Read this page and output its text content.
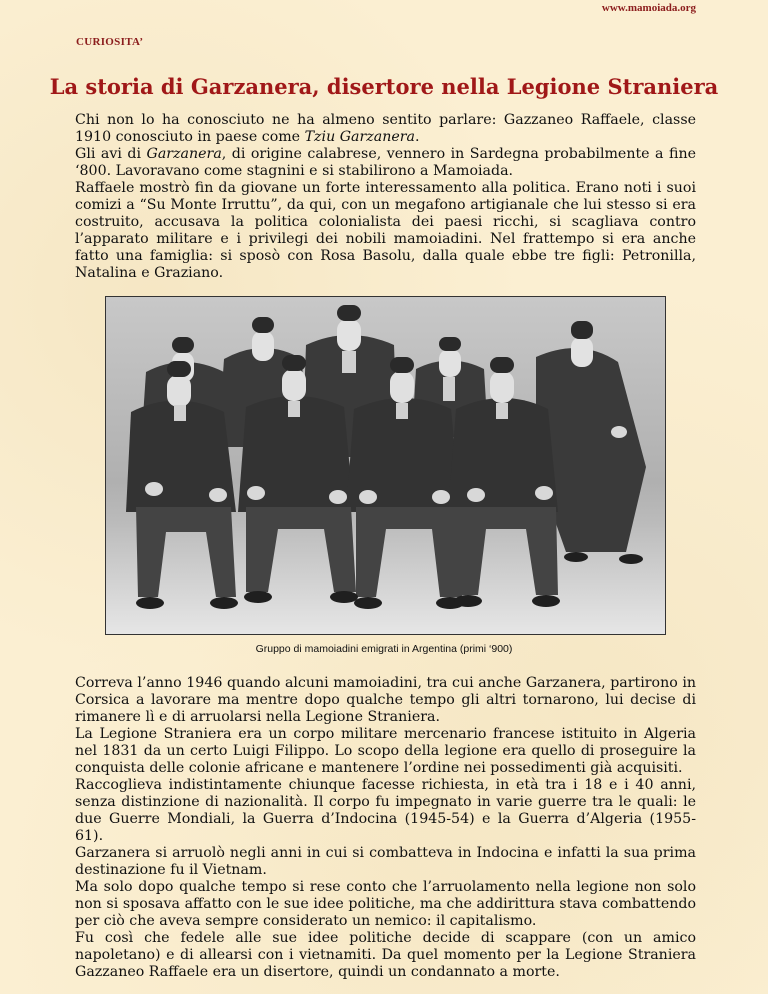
www.mamoiada.org
CURIOSITA’
La storia di Garzanera, disertore nella Legione Straniera

Chi non lo ha conosciuto ne ha almeno sentito parlare: Gazzaneo Raffaele, classe 1910 conosciuto in paese come Tziu Garzanera.

Gli avi di Garzanera, di origine calabrese, vennero in Sardegna probabilmente a fine ‘800. Lavoravano come stagnini e si stabilirono a Mamoiada.

Raffaele mostrò fin da giovane un forte interessamento alla politica. Erano noti i suoi comizi a “Su Monte Irruttu”, da qui, con un megafono artigianale che lui stesso si era costruito, accusava la politica colonialista dei paesi ricchi, si scagliava contro l’apparato militare e i privilegi dei nobili mamoiadini. Nel frattempo si era anche fatto una famiglia: si sposò con Rosa Basolu, dalla quale ebbe tre figli: Petronilla, Natalina e Graziano.

Gruppo di mamoiadini emigrati in Argentina (primi ‘900)

Correva l’anno 1946 quando alcuni mamoiadini, tra cui anche Garzanera, partirono in Corsica a lavorare ma mentre dopo qualche tempo gli altri tornarono, lui decise di rimanere lì e di arruolarsi nella Legione Straniera.

La Legione Straniera era un corpo militare mercenario francese istituito in Algeria nel 1831 da un certo Luigi Filippo. Lo scopo della legione era quello di proseguire la conquista delle colonie africane e mantenere l’ordine nei possedimenti già acquisiti.

Raccoglieva indistintamente chiunque facesse richiesta, in età tra i 18 e i 40 anni, senza distinzione di nazionalità. Il corpo fu impegnato in varie guerre tra le quali: le due Guerre Mondiali, la Guerra d’Indocina (1945-54) e la Guerra d’Algeria (1955- 61).

Garzanera si arruolò negli anni in cui si combatteva in Indocina e infatti la sua prima destinazione fu il Vietnam.

Ma solo dopo qualche tempo si rese conto che l’arruolamento nella legione non solo non si sposava affatto con le sue idee politiche, ma che addirittura stava combattendo per ciò che aveva sempre considerato un nemico: il capitalismo.

Fu così che fedele alle sue idee politiche decide di scappare (con un amico napoletano) e di allearsi con i vietnamiti. Da quel momento per la Legione Straniera Gazzaneo Raffaele era un disertore, quindi un condannato a morte.
